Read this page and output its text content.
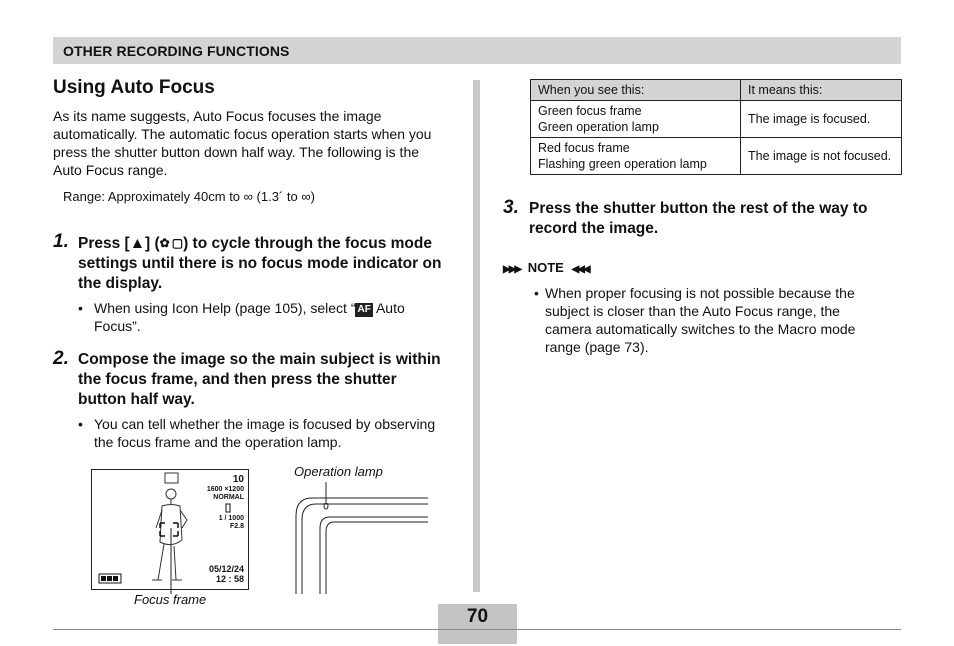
OTHER RECORDING FUNCTIONS
Using Auto Focus

As its name suggests, Auto Focus focuses the image automatically. The automatic focus operation starts when you press the shutter button down half way. The following is the Auto Focus range.

Range: Approximately 40cm to ∞ (1.3´ to ∞)

1. Press [▲] (✿ ▢) to cycle through the focus mode settings until there is no focus mode indicator on the display.
• When using Icon Help (page 105), select “ AF Auto Focus”.
2. Compose the image so the main subject is within the focus frame, and then press the shutter button half way.
• You can tell whether the image is focused by observing the focus frame and the operation lamp.
10
1600 ×1200
NORMAL
1 / 1000
F2.8
05/12/24
12 : 58
Focus frame
Operation lamp
When you see this:	It means this:

Green focus frame
Green operation lamp	The image is focused.

Red focus frame
Flashing green operation lamp	The image is not focused.
3. Press the shutter button the rest of the way to record the image.
▶▶▶ NOTE ◀◀◀
• When proper focusing is not possible because the subject is closer than the Auto Focus range, the camera automatically switches to the Macro mode range (page 73).
70
